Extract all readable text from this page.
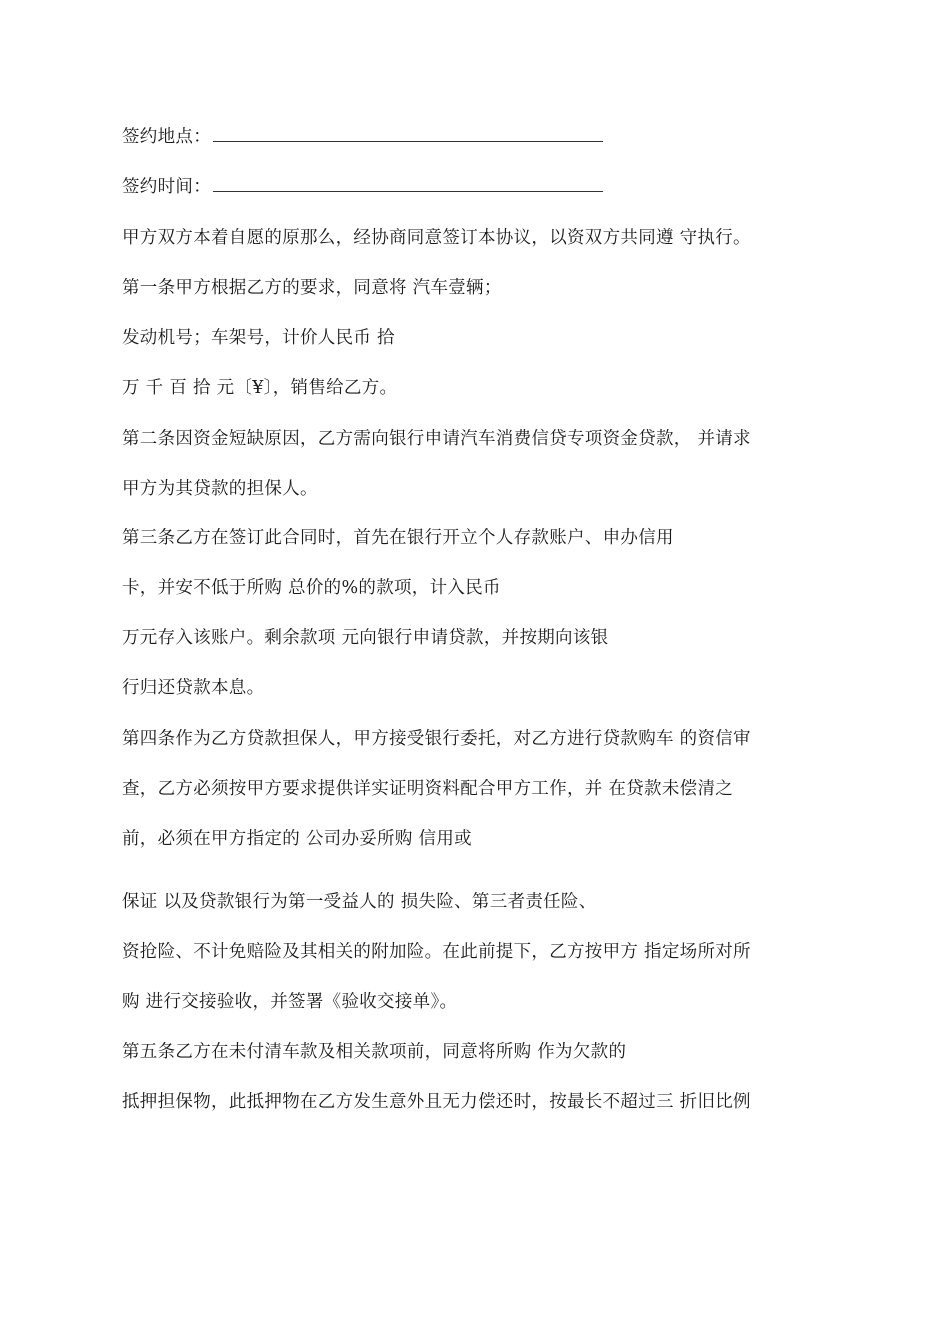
签约地点：
签约时间：
甲方双方本着自愿的原那么，经协商同意签订本协议，以资双方共同遵 守执行。
第一条甲方根据乙方的要求，同意将 汽车壹辆；
发动机号；车架号，计价人民币 拾
万 千 百 拾 元〔¥〕，销售给乙方。
第二条因资金短缺原因，乙方需向银行申请汽车消费信贷专项资金贷款， 并请求
甲方为其贷款的担保人。
第三条乙方在签订此合同时，首先在银行开立个人存款账户、申办信用
卡，并安不低于所购 总价的%的款项，计入民币
万元存入该账户。剩余款项 元向银行申请贷款，并按期向该银
行归还贷款本息。
第四条作为乙方贷款担保人，甲方接受银行委托，对乙方进行贷款购车 的资信审
查，乙方必须按甲方要求提供详实证明资料配合甲方工作，并 在贷款未偿清之
前，必须在甲方指定的 公司办妥所购 信用或
保证 以及贷款银行为第一受益人的 损失险、第三者责任险、
资抢险、不计免赔险及其相关的附加险。在此前提下，乙方按甲方 指定场所对所
购 进行交接验收，并签署《验收交接单》。
第五条乙方在未付清车款及相关款项前，同意将所购 作为欠款的
抵押担保物，此抵押物在乙方发生意外且无力偿还时，按最长不超过三 折旧比例
